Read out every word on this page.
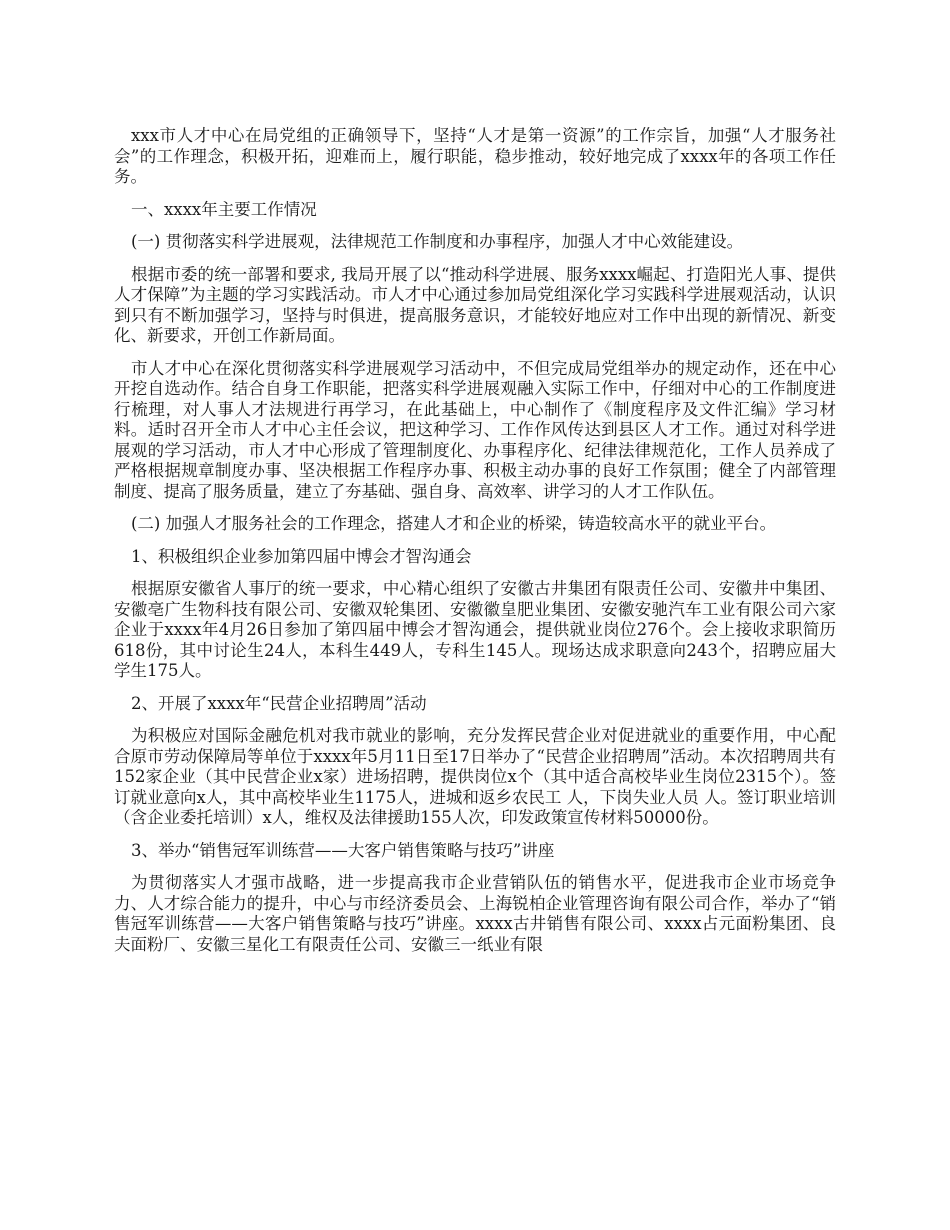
xxx市人才中心在局党组的正确领导下，坚持“人才是第一资源”的工作宗旨，加强“人才服务社会”的工作理念，积极开拓，迎难而上，履行职能，稳步推动，较好地完成了xxxx年的各项工作任务。

一、xxxx年主要工作情况

(一) 贯彻落实科学进展观，法律规范工作制度和办事程序，加强人才中心效能建设。

根据市委的统一部署和要求, 我局开展了以“推动科学进展、服务xxxx崛起、打造阳光人事、提供人才保障”为主题的学习实践活动。市人才中心通过参加局党组深化学习实践科学进展观活动，认识到只有不断加强学习，坚持与时俱进，提高服务意识，才能较好地应对工作中出现的新情况、新变化、新要求，开创工作新局面。

市人才中心在深化贯彻落实科学进展观学习活动中，不但完成局党组举办的规定动作，还在中心开挖自选动作。结合自身工作职能，把落实科学进展观融入实际工作中，仔细对中心的工作制度进行梳理，对人事人才法规进行再学习，在此基础上，中心制作了《制度程序及文件汇编》学习材料。适时召开全市人才中心主任会议，把这种学习、工作作风传达到县区人才工作。通过对科学进展观的学习活动，市人才中心形成了管理制度化、办事程序化、纪律法律规范化，工作人员养成了严格根据规章制度办事、坚决根据工作程序办事、积极主动办事的良好工作氛围；健全了内部管理制度、提高了服务质量，建立了夯基础、强自身、高效率、讲学习的人才工作队伍。

(二) 加强人才服务社会的工作理念，搭建人才和企业的桥梁，铸造较高水平的就业平台。

1、积极组织企业参加第四届中博会才智沟通会

根据原安徽省人事厅的统一要求，中心精心组织了安徽古井集团有限责任公司、安徽井中集团、安徽亳广生物科技有限公司、安徽双轮集团、安徽徽皇肥业集团、安徽安驰汽车工业有限公司六家企业于xxxx年4月26日参加了第四届中博会才智沟通会，提供就业岗位276个。会上接收求职简历618份，其中讨论生24人，本科生449人，专科生145人。现场达成求职意向243个，招聘应届大学生175人。

2、开展了xxxx年“民营企业招聘周”活动

为积极应对国际金融危机对我市就业的影响，充分发挥民营企业对促进就业的重要作用，中心配合原市劳动保障局等单位于xxxx年5月11日至17日举办了“民营企业招聘周”活动。本次招聘周共有152家企业（其中民营企业x家）进场招聘，提供岗位x个（其中适合高校毕业生岗位2315个）。签订就业意向x人，其中高校毕业生1175人，进城和返乡农民工 人，下岗失业人员 人。签订职业培训（含企业委托培训）x人，维权及法律援助155人次，印发政策宣传材料50000份。

3、举办“销售冠军训练营——大客户销售策略与技巧”讲座

为贯彻落实人才强市战略，进一步提高我市企业营销队伍的销售水平，促进我市企业市场竞争力、人才综合能力的提升，中心与市经济委员会、上海锐柏企业管理咨询有限公司合作，举办了“销售冠军训练营——大客户销售策略与技巧”讲座。xxxx古井销售有限公司、xxxx占元面粉集团、良夫面粉厂、安徽三星化工有限责任公司、安徽三一纸业有限
